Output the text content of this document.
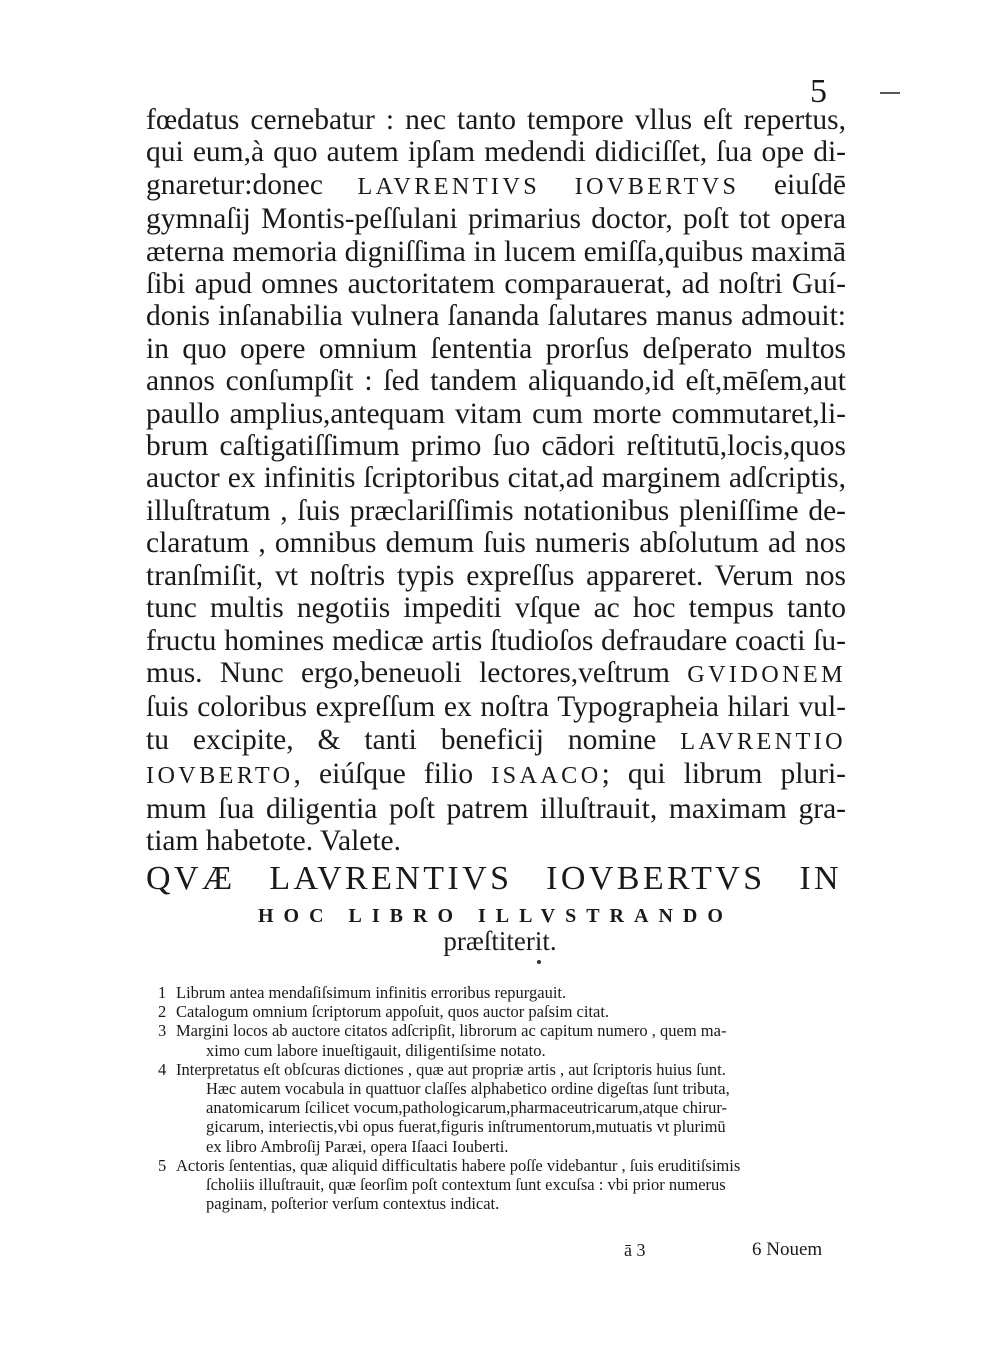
5
fœdatus cernebatur : nec tanto tempore vllus eſt repertus,
qui eum,à quo autem ipſam medendi didiciſſet, ſua ope di-
gnaretur:donec LAVRENTIVS IOVBERTVS eiuſdē
gymnaſij Montis-peſſulani primarius doctor, poſt tot opera
æterna memoria digniſſima in lucem emiſſa,quibus maximā
ſibi apud omnes auctoritatem comparauerat, ad noſtri Guí-
donis inſanabilia vulnera ſananda ſalutares manus admouit:
in quo opere omnium ſententia prorſus deſperato multos
annos conſumpſit : ſed tandem aliquando,id eſt,mēſem,aut
paullo amplius,antequam vitam cum morte commutaret,li-
brum caſtigatiſſimum primo ſuo cādori reſtitutū,locis,quos
auctor ex infinitis ſcriptoribus citat,ad marginem adſcriptis,
illuſtratum , ſuis præclariſſimis notationibus pleniſſime de-
claratum , omnibus demum ſuis numeris abſolutum ad nos
tranſmiſit, vt noſtris typis expreſſus appareret. Verum nos
tunc multis negotiis impediti vſque ac hoc tempus tanto
fructu homines medicæ artis ſtudioſos defraudare coacti ſu-
mus. Nunc ergo,beneuoli lectores,veſtrum GVIDONEM
ſuis coloribus expreſſum ex noſtra Typographeia hilari vul-
tu excipite, & tanti beneficij nomine LAVRENTIO
IOVBERTO, eiúſque filio ISAACO; qui librum pluri-
mum ſua diligentia poſt patrem illuſtrauit, maximam gra-
tiam habetote. Valete.
QVÆ LAVRENTIVS IOVBERTVS IN
HOC LIBRO ILLVSTRANDO
præſtiterit.
1 Librum antea mendaſiſsimum infinitis erroribus repurgauit.
2 Catalogum omnium ſcriptorum appoſuit, quos auctor paſsim citat.
3 Margini locos ab auctore citatos adſcripſit, librorum ac capitum numero , quem ma-
ximo cum labore inueſtigauit, diligentiſsime notato.
4 Interpretatus eſt obſcuras dictiones , quæ aut propriæ artis , aut ſcriptoris huius ſunt.
Hæc autem vocabula in quattuor claſſes alphabetico ordine digeſtas ſunt tributa,
anatomicarum ſcilicet vocum,pathologicarum,pharmaceutricarum,atque chirur-
gicarum, interiectis,vbi opus fuerat,figuris inſtrumentorum,mutuatis vt plurimū
ex libro Ambroſij Paræi, opera Iſaaci Iouberti.
5 Actoris ſententias, quæ aliquid difficultatis habere poſſe videbantur , ſuis eruditiſsimis
ſcholiis illuſtrauit, quæ ſeorſim poſt contextum ſunt excuſsa : vbi prior numerus
paginam, poſterior verſum contextus indicat.
ā 3	6 Nouem
